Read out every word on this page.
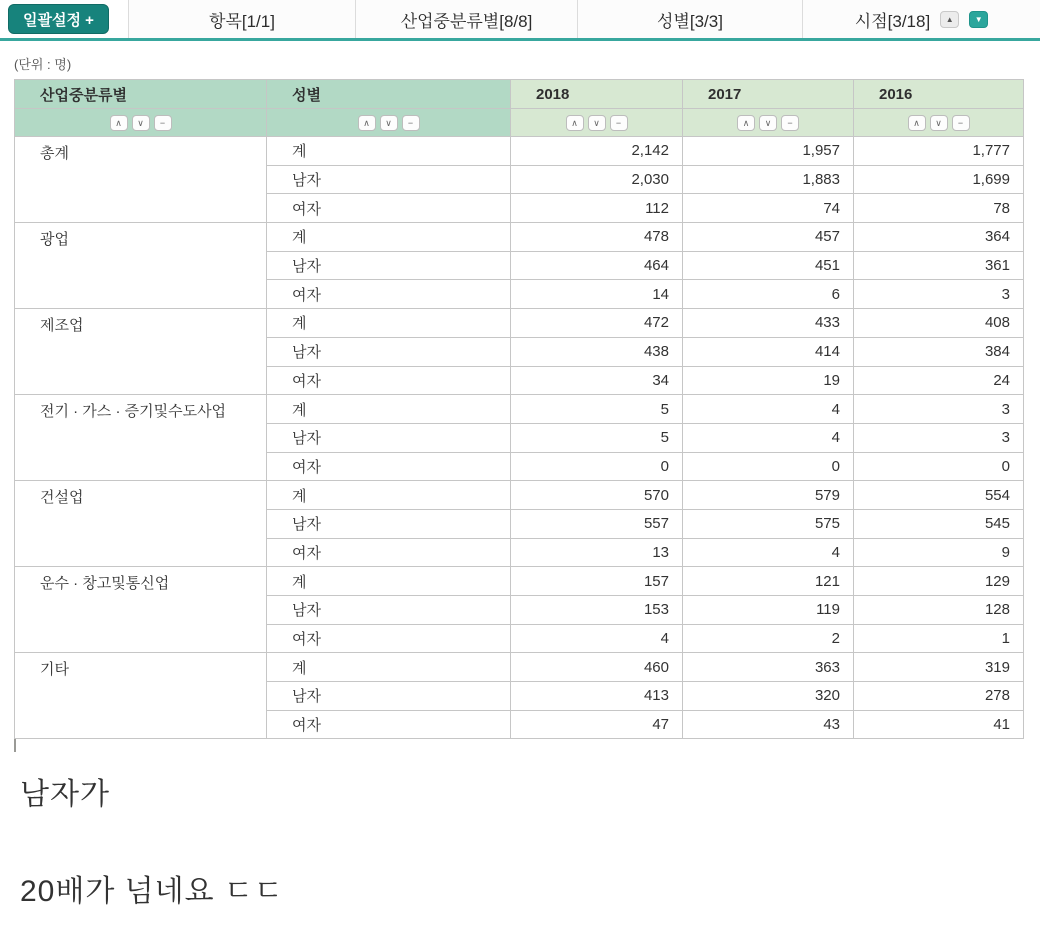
일괄설정 +	항목[1/1]	산업중분류별[8/8]	성별[3/3]	시점[3/18]	▲	▼
(단위 : 명)
산업중분류별	성별	2018	2017	2016
∧ ∨ −	∧ ∨ −	∧ ∨ −	∧ ∨ −	∧ ∨ −
총계	계	2,142	1,957	1,777
	남자	2,030	1,883	1,699
	여자	112	74	78
광업	계	478	457	364
	남자	464	451	361
	여자	14	6	3
제조업	계	472	433	408
	남자	438	414	384
	여자	34	19	24
전기 · 가스 · 증기및수도사업	계	5	4	3
	남자	5	4	3
	여자	0	0	0
건설업	계	570	579	554
	남자	557	575	545
	여자	13	4	9
운수 · 창고및통신업	계	157	121	129
	남자	153	119	128
	여자	4	2	1
기타	계	460	363	319
	남자	413	320	278
	여자	47	43	41
남자가
20배가 넘네요 ㄷㄷ
